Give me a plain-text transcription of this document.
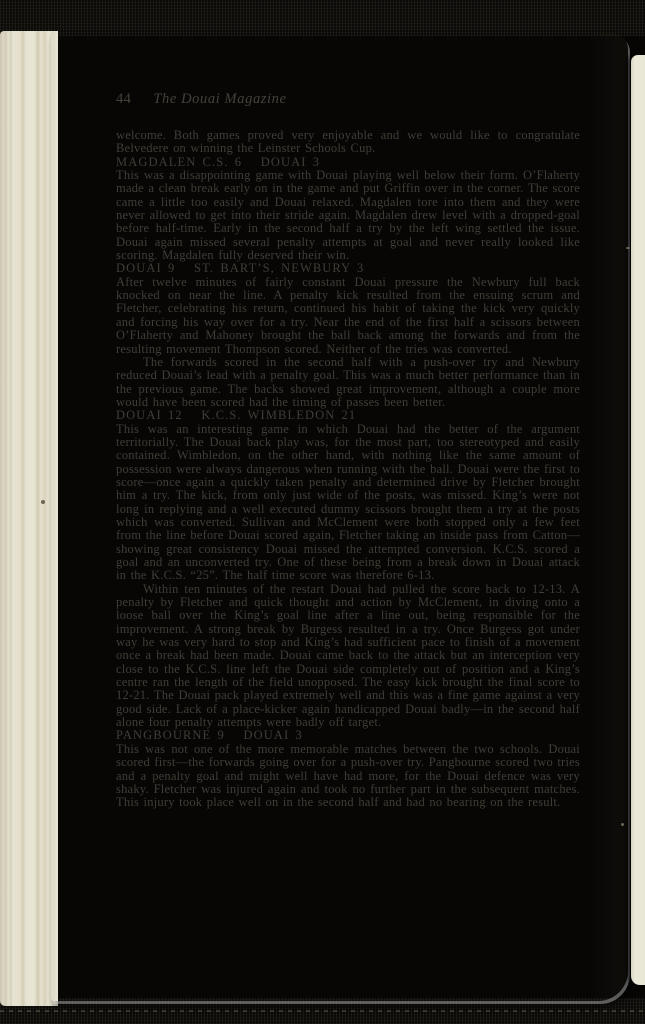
44 The Douai Magazine

welcome. Both games proved very enjoyable and we would like to congratulate Belvedere on winning the Leinster Schools Cup.

MAGDALEN C.S. 6   DOUAI 3

This was a disappointing game with Douai playing well below their form. O’Flaherty made a clean break early on in the game and put Griffin over in the corner. The score came a little too easily and Douai relaxed. Magdalen tore into them and they were never allowed to get into their stride again. Magdalen drew level with a dropped-goal before half-time. Early in the second half a try by the left wing settled the issue. Douai again missed several penalty attempts at goal and never really looked like scoring. Magdalen fully deserved their win.

DOUAI 9   ST. BART’S, NEWBURY 3

After twelve minutes of fairly constant Douai pressure the Newbury full back knocked on near the line. A penalty kick resulted from the ensuing scrum and Fletcher, celebrating his return, continued his habit of taking the kick very quickly and forcing his way over for a try. Near the end of the first half a scissors between O’Flaherty and Mahoney brought the ball back among the forwards and from the resulting movement Thompson scored. Neither of the tries was converted.

The forwards scored in the second half with a push-over try and Newbury reduced Douai’s lead with a penalty goal. This was a much better performance than in the previous game. The backs showed great improvement, although a couple more would have been scored had the timing of passes been better.

DOUAI 12   K.C.S. WIMBLEDON 21

This was an interesting game in which Douai had the better of the argument territorially. The Douai back play was, for the most part, too stereotyped and easily contained. Wimbledon, on the other hand, with nothing like the same amount of possession were always dangerous when running with the ball. Douai were the first to score—once again a quickly taken penalty and determined drive by Fletcher brought him a try. The kick, from only just wide of the posts, was missed. King’s were not long in replying and a well executed dummy scissors brought them a try at the posts which was converted. Sullivan and McClement were both stopped only a few feet from the line before Douai scored again, Fletcher taking an inside pass from Catton—showing great consistency Douai missed the attempted conversion. K.C.S. scored a goal and an unconverted try. One of these being from a break down in Douai attack in the K.C.S. “25”. The half time score was therefore 6-13.

Within ten minutes of the restart Douai had pulled the score back to 12-13. A penalty by Fletcher and quick thought and action by McClement, in diving onto a loose ball over the King’s goal line after a line out, being responsible for the improvement. A strong break by Burgess resulted in a try. Once Burgess got under way he was very hard to stop and King’s had sufficient pace to finish of a movement once a break had been made. Douai came back to the attack but an interception very close to the K.C.S. line left the Douai side completely out of position and a King’s centre ran the length of the field unopposed. The easy kick brought the final score to 12-21. The Douai pack played extremely well and this was a fine game against a very good side. Lack of a place-kicker again handicapped Douai badly—in the second half alone four penalty attempts were badly off target.

PANGBOURNE 9   DOUAI 3

This was not one of the more memorable matches between the two schools. Douai scored first—the forwards going over for a push-over try. Pangbourne scored two tries and a penalty goal and might well have had more, for the Douai defence was very shaky. Fletcher was injured again and took no further part in the subsequent matches. This injury took place well on in the second half and had no bearing on the result.
